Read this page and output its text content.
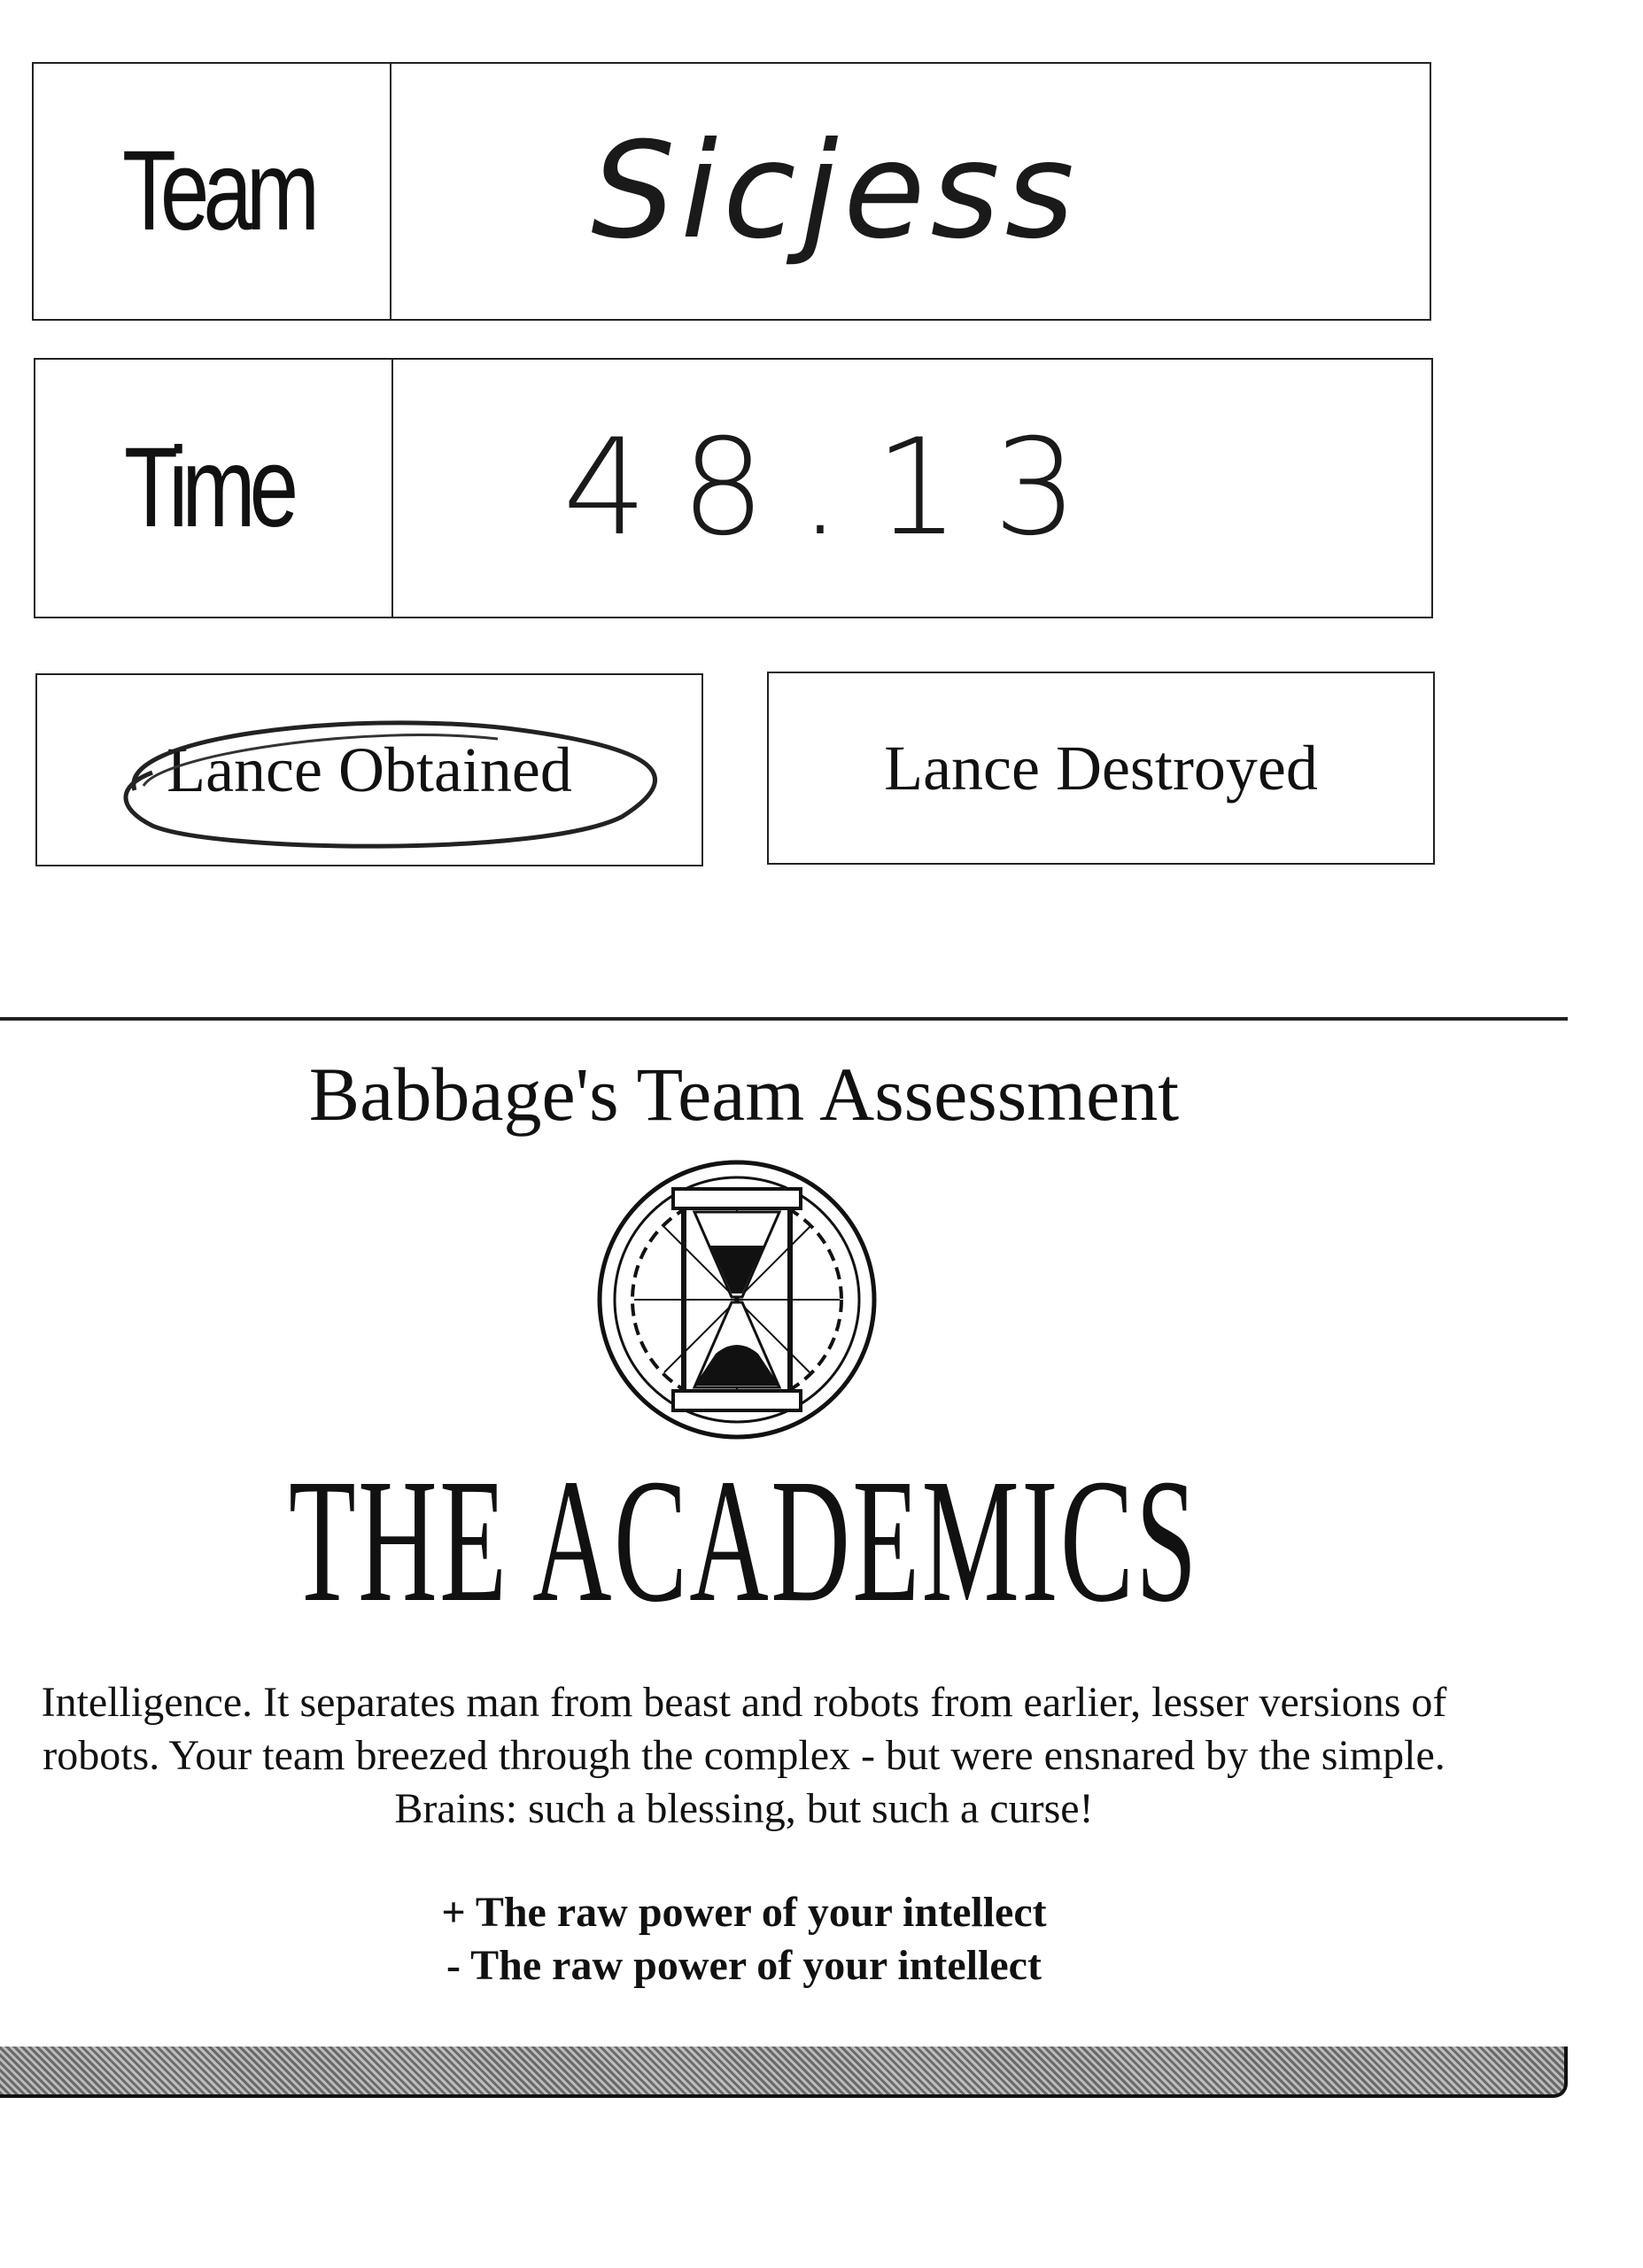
Team Sicjess
Time 48.13
Lance Obtained	Lance Destroyed
Babbage's Team Assessment
THE ACADEMICS
Intelligence. It separates man from beast and robots from earlier, lesser versions of robots. Your team breezed through the complex - but were ensnared by the simple. Brains: such a blessing, but such a curse!
+ The raw power of your intellect
- The raw power of your intellect
